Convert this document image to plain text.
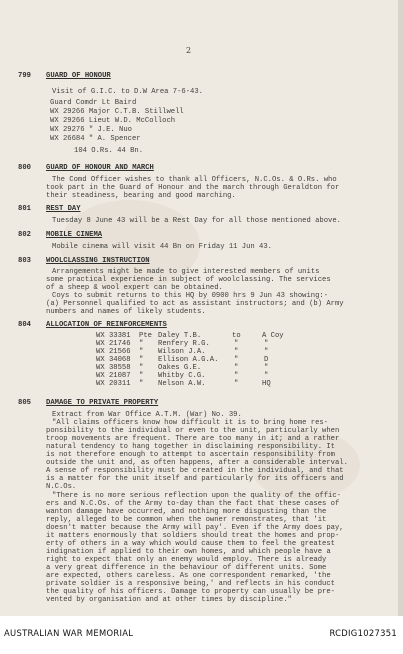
2
799 GUARD OF HONOUR
Visit of G.I.C. to D.W Area 7-6-43.
Guard Comdr Lt Baird
WX 29266 Major C.T.B. Stillwell
WX 29266 Lieut W.D. McColloch
WX 29276 " J.E. Nuo
WX 26684 " A. Spencer
104 O.Rs. 44 Bn.
800 GUARD OF HONOUR AND MARCH
The Comd Officer wishes to thank all Officers, N.C.Os. & O.Rs. who
took part in the Guard of Honour and the march through Geraldton for
their steadiness, bearing and good marching.
801 REST DAY
Tuesday 8 June 43 will be a Rest Day for all those mentioned above.
802 MOBILE CINEMA
Mobile cinema will visit 44 Bn on Friday 11 Jun 43.
803 WOOLCLASSING INSTRUCTION
Arrangements might be made to give interested members of units
some practical experience in subject of woolclassing. The services
of a sheep & wool expert can be obtained.
Coys to submit returns to this HQ by 0900 hrs 9 Jun 43 showing:-
(a) Personnel qualified to act as assistant instructors; and (b) Army
numbers and names of likely students.
804 ALLOCATION OF REINFORCEMENTS
WX 33381 Pte Daley T.B.	to	A Coy
WX 21746 " Renfery R.G.	"	"
WX 21566 " Wilson J.A.	"	"
WX 34068 " Ellison A.G.A. "	D
WX 38558 " Oakes G.E.	"	"
WX 21087 " Whitby C.G.	"	"
WX 20311 " Nelson A.W.	"	HQ
805 DAMAGE TO PRIVATE PROPERTY
Extract from War Office A.T.M. (War) No. 39.
"All claims officers know how difficult it is to bring home res-
ponsibility to the individual or even to the unit, particularly when
troop movements are frequent. There are too many in it; and a rather
natural tendency to hang together in disclaiming responsibility. It
is not therefore enough to attempt to ascertain responsibility from
outside the unit and, as often happens, after a considerable interval.
A sense of responsibility must be created in the individual, and that
is a matter for the unit itself and particularly for its officers and
N.C.Os.
"There is no more serious reflection upon the quality of the offic-
ers and N.C.Os. of the Army to-day than the fact that these cases of
wanton damage have occurred, and nothing more disgusting than the
reply, alleged to be common when the owner remonstrates, that 'it
doesn't matter because the Army will pay'. Even if the Army does pay,
it matters enormously that soldiers should treat the homes and prop-
erty of others in a way which would cause them to feel the greatest
indignation if applied to their own homes, and which people have a
right to expect that only an enemy would employ. There is already
a very great difference in the behaviour of different units. Some
are expected, others careless. As one correspondent remarked, 'the
private soldier is a responsive being,' and reflects in his conduct
the quality of his officers. Damage to property can usually be pre-
vented by organisation and at other times by discipline."
AUSTRALIAN WAR MEMORIAL	RCDIG1027351
